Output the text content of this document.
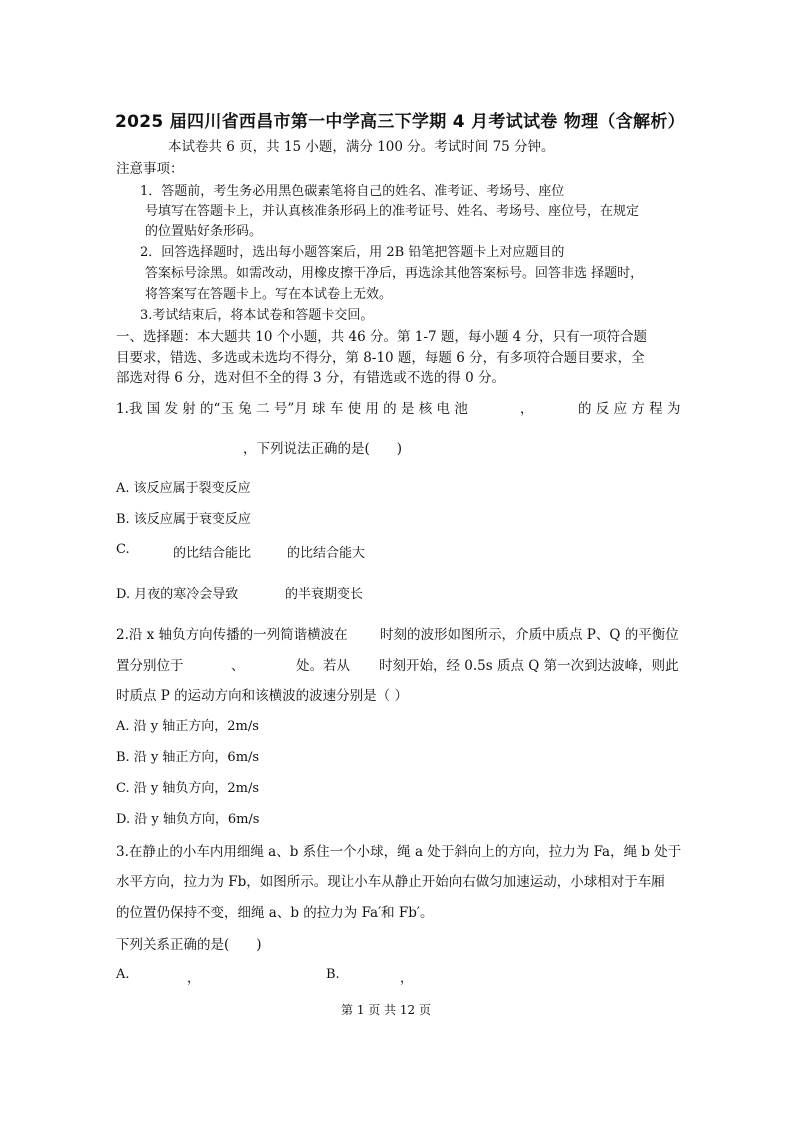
2025 届四川省西昌市第一中学高三下学期 4 月考试试卷 物理（含解析）
本试卷共 6 页，共 15 小题，满分 100 分。考试时间 75 分钟。
注意事项：
1．答题前，考生务必用黑色碳素笔将自己的姓名、准考证、考场号、座位
号填写在答题卡上，并认真核准条形码上的准考证号、姓名、考场号、座位号，在规定
的位置贴好条形码。
2．回答选择题时，选出每小题答案后，用 2B 铅笔把答题卡上对应题目的
答案标号涂黑。如需改动，用橡皮擦干净后，再选涂其他答案标号。回答非选 择题时，
将答案写在答题卡上。写在本试卷上无效。
3.考试结束后，将本试卷和答题卡交回。
一、选择题：本大题共 10 个小题，共 46 分。第 1-7 题，每小题 4 分，只有一项符合题
目要求，错选、多选或未选均不得分，第 8-10 题，每题 6 分，有多项符合题目要求，全
部选对得 6 分，选对但不全的得 3 分，有错选或不选的得 0 分。
1.我 国 发 射 的“玉 兔 二 号”月 球 车 使 用 的 是 核 电 池	，	的 反 应 方 程 为
，下列说法正确的是(　　)
A. 该反应属于裂变反应
B. 该反应属于衰变反应
C.	的比结合能比	的比结合能大
D. 月夜的寒冷会导致	的半衰期变长
2.沿 x 轴负方向传播的一列简谐横波在 时刻的波形如图所示，介质中质点 P、Q 的平衡位
置分别位于	、	处。若从 时刻开始，经 0.5s 质点 Q 第一次到达波峰，则此
时质点 P 的运动方向和该横波的波速分别是（ ）
A. 沿 y 轴正方向，2m/s
B. 沿 y 轴正方向，6m/s
C. 沿 y 轴负方向，2m/s
D. 沿 y 轴负方向，6m/s
3.在静止的小车内用细绳 a、b 系住一个小球，绳 a 处于斜向上的方向，拉力为 Fa，绳 b 处于
水平方向，拉力为 Fb，如图所示。现让小车从静止开始向右做匀加速运动，小球相对于车厢
的位置仍保持不变，细绳 a、b 的拉力为 Fa′和 Fb′。
下列关系正确的是(　　)
A.	，	B.	，
第 1 页 共 12 页
